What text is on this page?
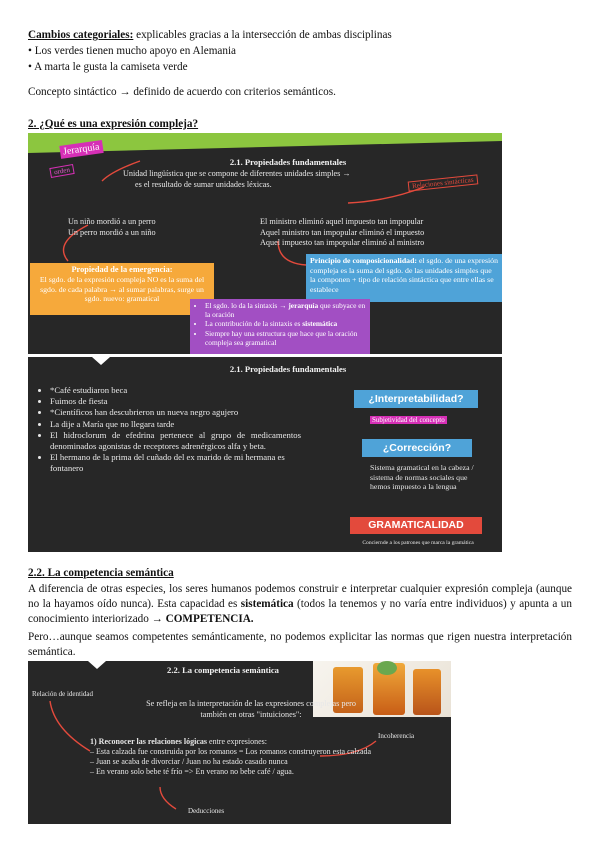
Cambios categoriales: explicables gracias a la intersección de ambas disciplinas
• Los verdes tienen mucho apoyo en Alemania
• A marta le gusta la camiseta verde
Concepto sintáctico → definido de acuerdo con criterios semánticos.
2. ¿Qué es una expresión compleja?
Jerarquía
orden
2.1. Propiedades fundamentales
Unidad lingüística que se compone de diferentes unidades simples →
es el resultado de sumar unidades léxicas.	Relaciones sintácticas
Un niño mordió a un perro
Un perro mordió a un niño
El ministro eliminó aquel impuesto tan impopular
Aquel ministro tan impopular eliminó el impuesto
Aquel impuesto tan impopular eliminó al ministro
Propiedad de la emergencia:
El sgdo. de la expresión compleja NO es la suma del sgdo. de cada palabra → al sumar palabras, surge un sgdo. nuevo: gramatical
Principio de composicionalidad: el sgdo. de una expresión compleja es la suma del sgdo. de las unidades simples que la componen + tipo de relación sintáctica que entre ellas se establece
• El sgdo. lo da la sintaxis → jerarquía que subyace en la oración
• La contribución de la sintaxis es sistemática
• Siempre hay una estructura que hace que la oración compleja sea gramatical
2.1. Propiedades fundamentales
• *Café estudiaron beca
• Fuimos de fiesta
• *Científicos han descubrieron un nueva negro agujero
• La dije a María que no llegara tarde
• El hidroclorum de efedrina pertenece al grupo de medicamentos denominados agonistas de receptores adrenérgicos alfa y beta.
• El hermano de la prima del cuñado del ex marido de mi hermana es fontanero
¿Interpretabilidad?
Subjetividad del concepto
¿Corrección?
Sistema gramatical en la cabeza / sistema de normas sociales que hemos impuesto a la lengua
GRAMATICALIDAD
Conciernde a los patrones que marca la gramática
2.2. La competencia semántica
A diferencia de otras especies, los seres humanos podemos construir e interpretar cualquier expresión compleja (aunque no la hayamos oído nunca). Esta capacidad es sistemática (todos la tenemos y no varía entre individuos) y apunta a un conocimiento interiorizado → COMPETENCIA.
Pero…aunque seamos competentes semánticamente, no podemos explicitar las normas que rigen nuestra interpretación semántica.
2.2. La competencia semántica
Relación de identidad
Se refleja en la interpretación de las expresiones complejas pero también en otras "intuiciones":
1) Reconocer las relaciones lógicas entre expresiones:
– Esta calzada fue construida por los romanos = Los romanos construyeron esta calzada
– Juan se acaba de divorciar / Juan no ha estado casado nunca
– En verano solo bebe té frío => En verano no bebe café / agua.
Incoherencia
Deducciones
